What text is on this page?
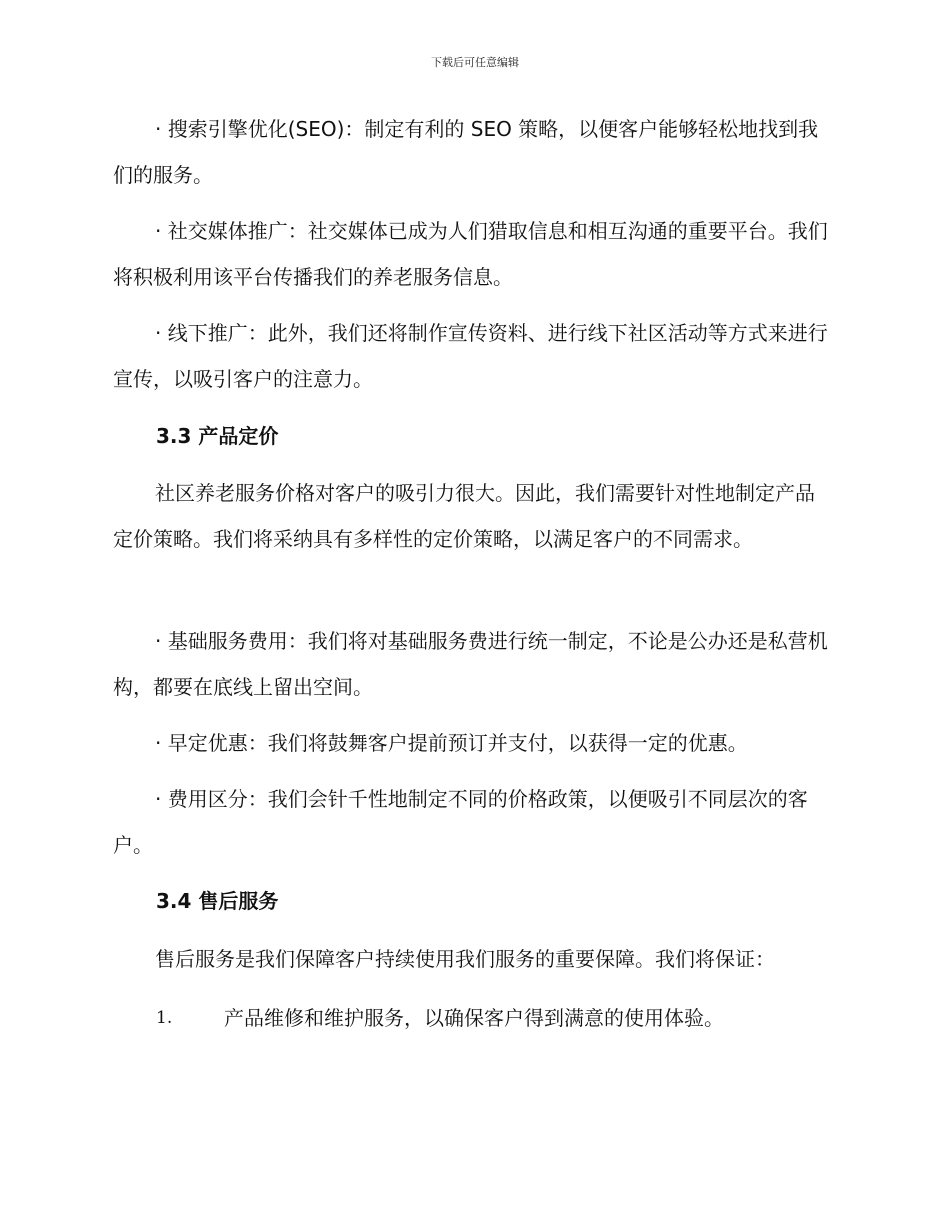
下载后可任意编辑

· 搜索引擎优化(SEO)：制定有利的 SEO 策略，以便客户能够轻松地找到我们的服务。

· 社交媒体推广：社交媒体已成为人们猎取信息和相互沟通的重要平台。我们将积极利用该平台传播我们的养老服务信息。

· 线下推广：此外，我们还将制作宣传资料、进行线下社区活动等方式来进行宣传，以吸引客户的注意力。

3.3 产品定价

社区养老服务价格对客户的吸引力很大。因此，我们需要针对性地制定产品定价策略。我们将采纳具有多样性的定价策略，以满足客户的不同需求。

· 基础服务费用：我们将对基础服务费进行统一制定，不论是公办还是私营机构，都要在底线上留出空间。

· 早定优惠：我们将鼓舞客户提前预订并支付，以获得一定的优惠。

· 费用区分：我们会针千性地制定不同的价格政策，以便吸引不同层次的客户。

3.4 售后服务

售后服务是我们保障客户持续使用我们服务的重要保障。我们将保证：

1.	产品维修和维护服务，以确保客户得到满意的使用体验。
